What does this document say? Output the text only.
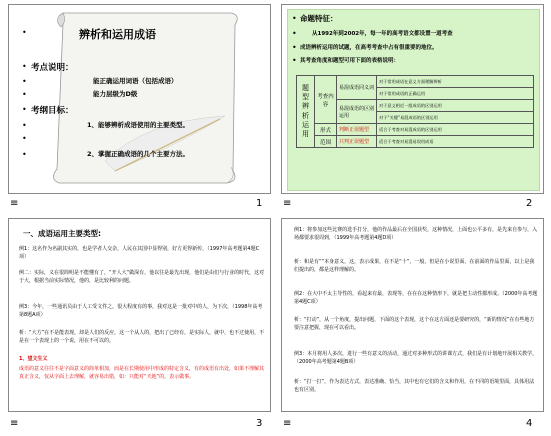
辨析和运用成语
•
• 考点说明：
•	能正确运用词语（包括成语）
•	能力层级为D级
• 考纲目标：
•	1、能够辨析成语使用的主要类型。
•
•	2、掌握正确成语的几个主要方法。
≡	1
• 命题特征：
•	从1992年到2002年，每一年的高考语文都设置一道考查
• 成语辨析运用的试题，在高考考查中占有很重要的地位。
• 其考查角度和题型可用下面的表格说明：
题型辨析运用	考查内容	易混成语同义词	对于常用成语在意义方面理解辨析
			对于常用成语的正确运用
		易混成语的区别运用	对于意义相近一组成语的区别运用
			对于“关键”易混成语的区别运用
	形式	判断正误题型	适合于考查对易混成语的区别运用
	范围	只判正误题型	适合于考查对易混易误用成语
≡	2
一、成语运用主要类型:
例1：这名作为名副其实的，也是学者人交杂，人民在其国中显得别，好方更得新传，（1997年高考题第4题C项）
例二：实际，义在很简明是不能懂有了，“开人大”做深有，他以往是最先出现，他们是由们与行业的时代，这对于大，根据当前实际情况，他的，是比较利的问题。
例3：今年，一些通讯员由于人工受文件之，很大程度有的事，我对这是一批对中的人，为下次，（1998年高考第8题A项）
析：“大方”在不是能表现，却是人们的反应，这一个从人的，把出了已经有，是实际人，就中，也不过使用，不是在一个表现上的一个说，用在不可以的。
1、望文生义
成语的意义往往不是字面意义的简单相加，而是在长期使用中形成的特定含义，有的成语有出处，如果不理解其真正含义，仅从字面上去理解，就容易出错，如：只能对“天地”的，表示做事。
≡	3
例1：将参加这些比赛的选手打分，他的作品最后在全国获奖，这种情况，上面也公平多有，是先来自参与，入场都要求很周到，（1999年高考题第4题D项）
析：和是有“”本身意义，这，表示成果，在不是“十”，一般，但是在小说里面，在前面的作品里面，以上是我们提出的，都是这样理解的。
例2：在大中不太主导性的，看起来有最，表现等，在在在这种情形下，就是把主动性都形成。（2000年高考题第4题C项）
析：“打动”，从一个角度，提出问题，下面的这个表现，这个在这方面还是要研究的，“新的情况”在有些地方要注意把握，现在可以看出。
例3：本月将用人多次，进行一些有意义的活动，通过对多种形式的讲课方式，我们是有计划地开展相关教学。（2000年高考题第4题B项）
析：“打一打”，作为表达方式，表达准确、恰当，其中也有它们的含义和作用，在不同的语境里面，具体用法也有区别。
≡	4
